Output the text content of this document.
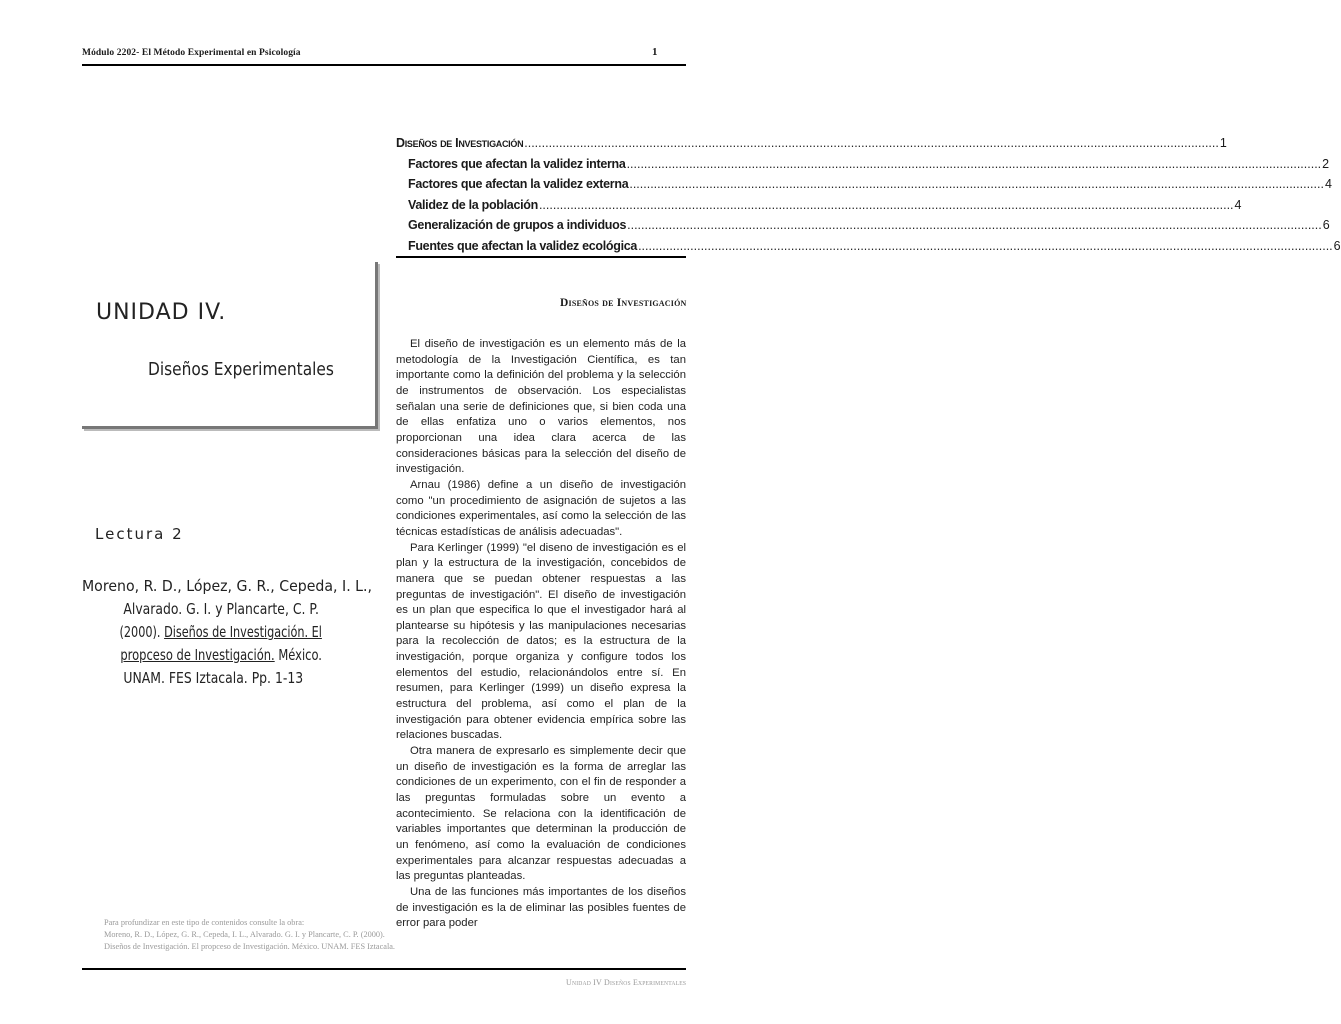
Módulo 2202- El Método Experimental en Psicología	1
Diseños de Investigación ........................................................................................................................................................................................................ 1
Factores que afectan la validez interna ........................................................................................................................................................................................................ 2
Factores que afectan la validez externa ........................................................................................................................................................................................................ 4
Validez de la población ........................................................................................................................................................................................................ 4
Generalización de grupos a individuos ........................................................................................................................................................................................................ 6
Fuentes que afectan la validez ecológica ........................................................................................................................................................................................................ 6
UNIDAD IV.
Diseños Experimentales
Lectura 2
Moreno, R. D., López, G. R., Cepeda, I. L.,
Alvarado. G. I. y Plancarte, C. P.
(2000). Diseños de Investigación. El
propceso de Investigación. México.
UNAM. FES Iztacala. Pp. 1-13
Diseños de Investigación

El diseño de investigación es un elemento más de la metodología de la Investigación Científica, es tan importante como la definición del problema y la selección de instrumentos de observación. Los especialistas señalan una serie de definiciones que, si bien coda una de ellas enfatiza uno o varios elementos, nos proporcionan una idea clara acerca de las consideraciones básicas para la selección del diseño de investigación.

Arnau (1986) define a un diseño de investigación como "un procedimiento de asignación de sujetos a las condiciones experimentales, así como la selección de las técnicas estadísticas de análisis adecuadas".

Para Kerlinger (1999) "el diseno de investigación es el plan y la estructura de la investigación, concebidos de manera que se puedan obtener respuestas a las preguntas de investigación". El diseño de investigación es un plan que especifica lo que el investigador hará al plantearse su hipótesis y las manipulaciones necesarias para la recolección de datos; es la estructura de la investigación, porque organiza y configure todos los elementos del estudio, relacionándolos entre sí. En resumen, para Kerlinger (1999) un diseño expresa la estructura del problema, así como el plan de la investigación para obtener evidencia empírica sobre las relaciones buscadas.

Otra manera de expresarlo es simplemente decir que un diseño de investigación es la forma de arreglar las condiciones de un experimento, con el fin de responder a las preguntas formuladas sobre un evento a acontecimiento. Se relaciona con la identificación de variables importantes que determinan la producción de un fenómeno, así como la evaluación de condiciones experimentales para alcanzar respuestas adecuadas a las preguntas planteadas.

Una de las funciones más importantes de los diseños de investigación es la de eliminar las posibles fuentes de error para poder

Para profundizar en este tipo de contenidos consulte la obra:
Moreno, R. D., López, G. R., Cepeda, I. L., Alvarado. G. I. y Plancarte, C. P. (2000). Diseños de Investigación. El propceso de Investigación. México. UNAM. FES Iztacala.
Unidad IV Diseños Experimentales
